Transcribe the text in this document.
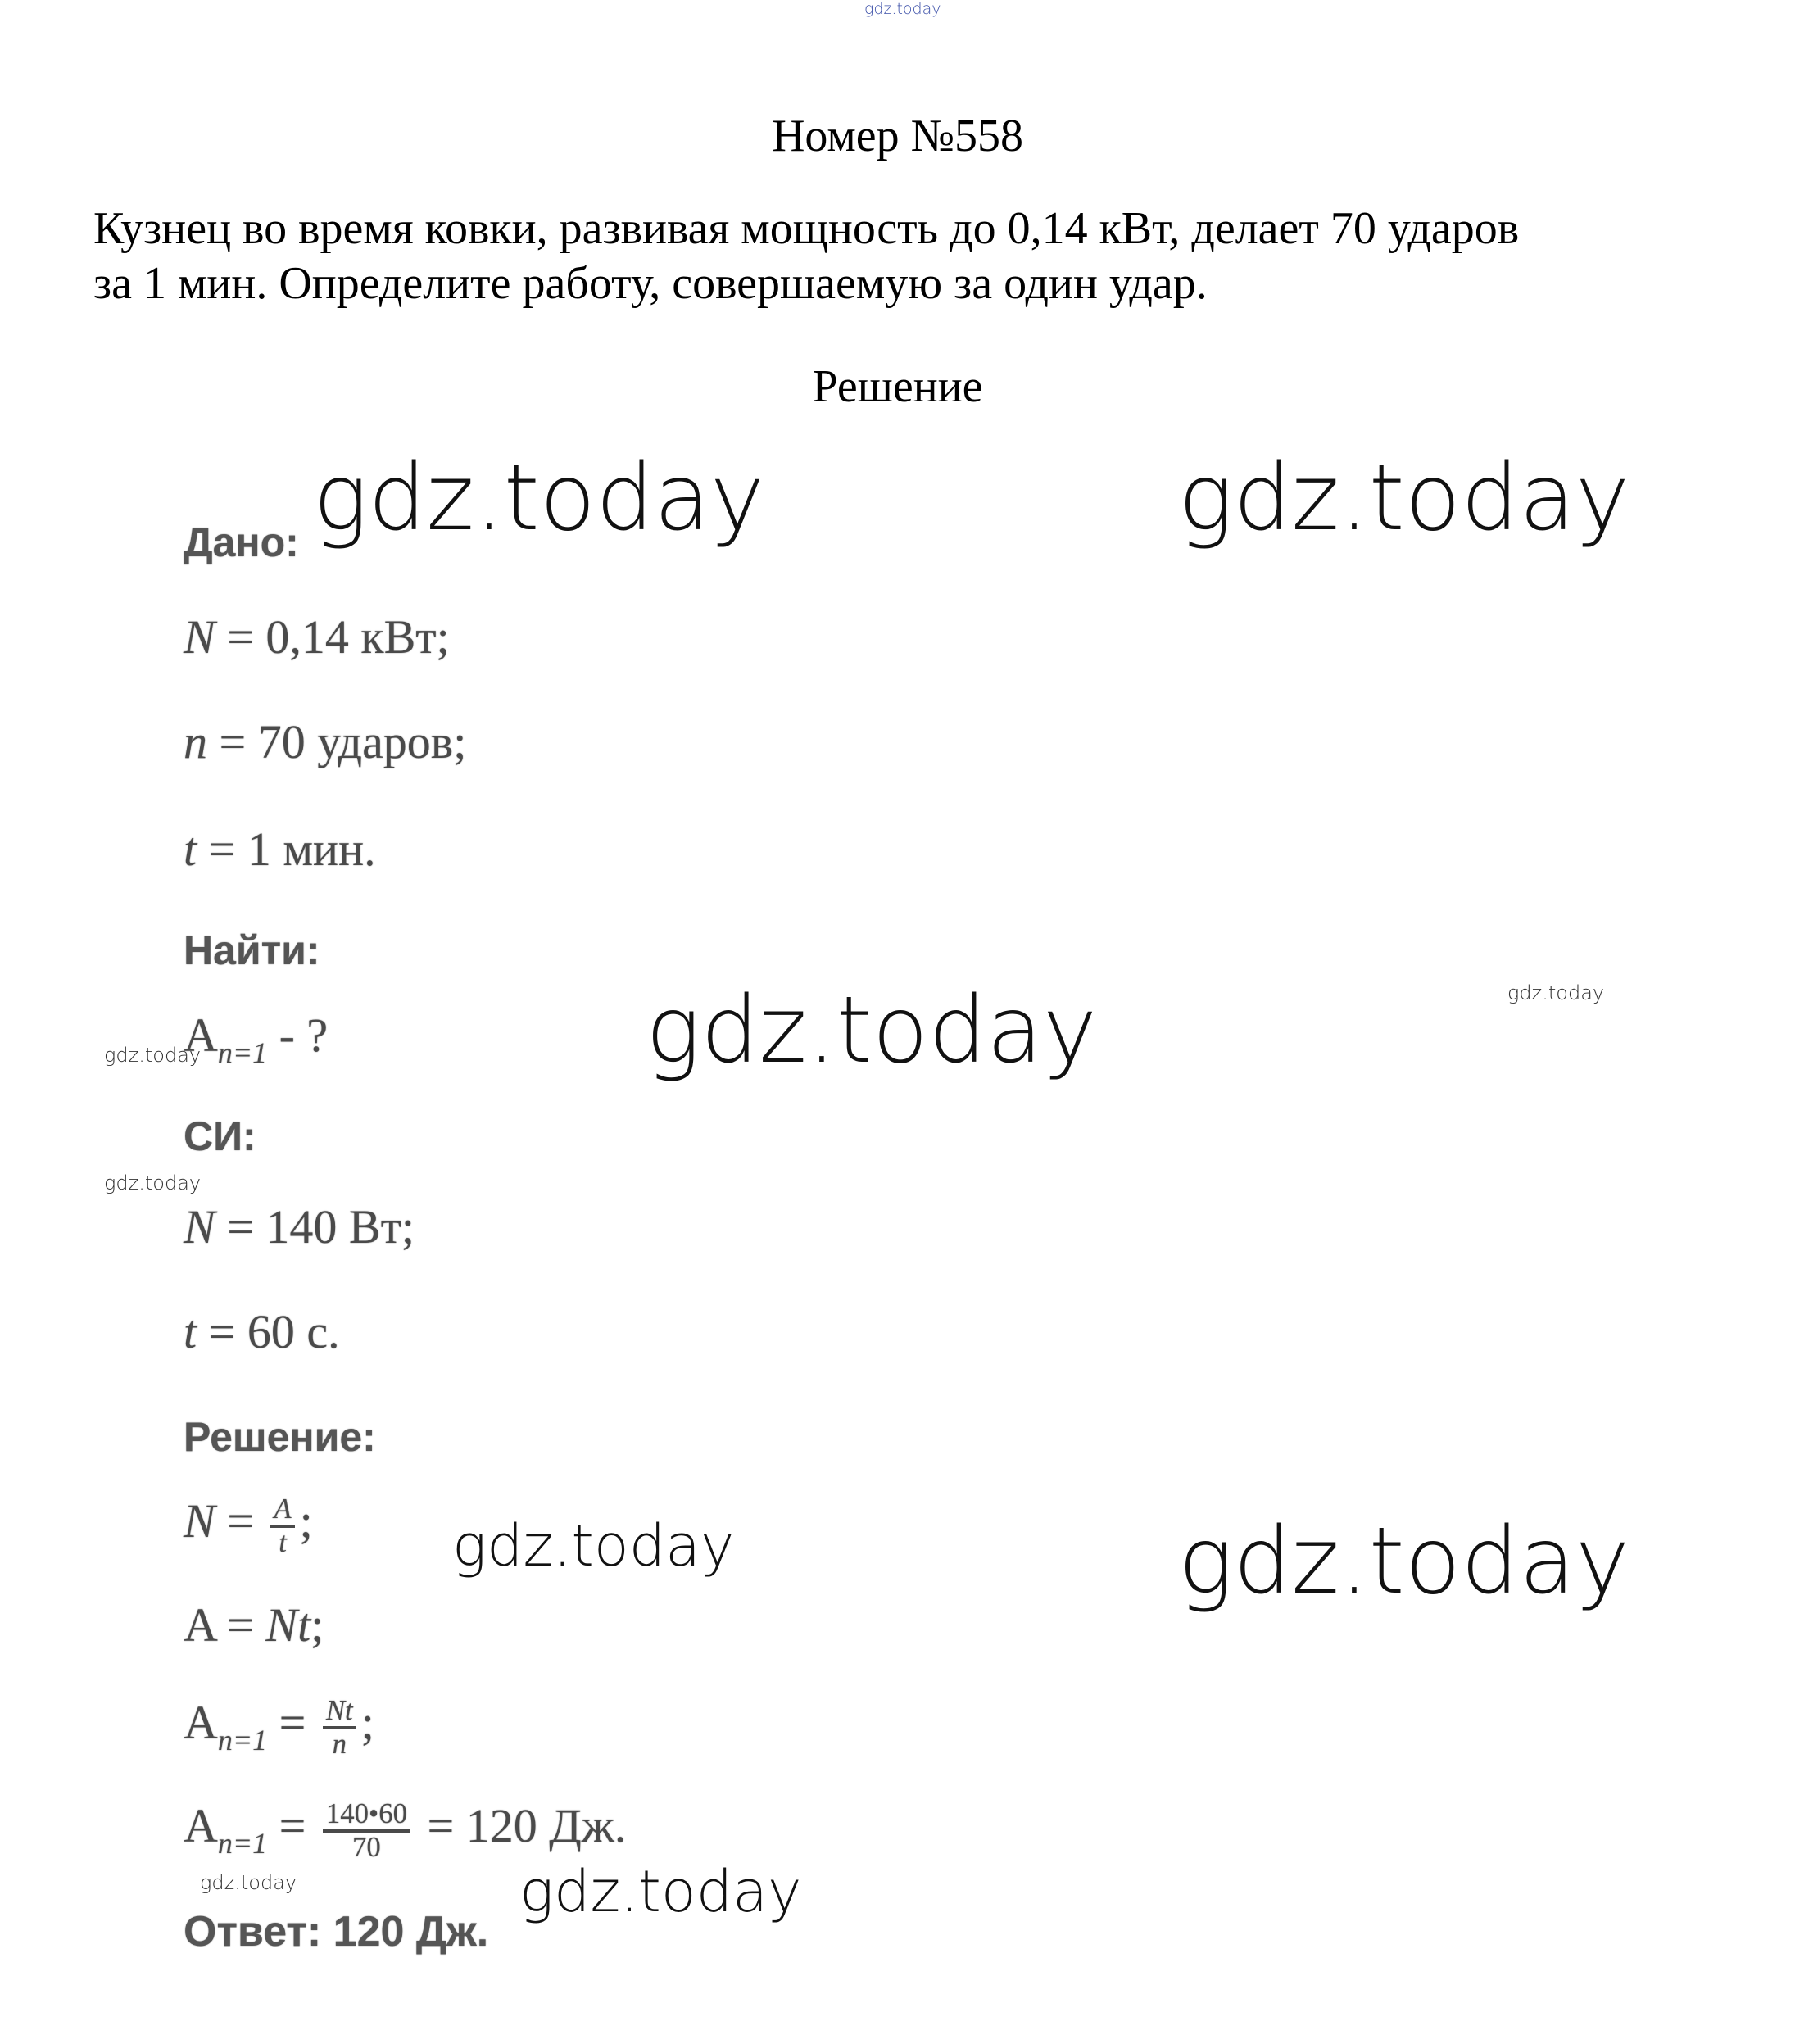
gdz.today
Номер №558
Кузнец во время ковки, развивая мощность до 0,14 кВт, делает 70 ударов
за 1 мин. Определите работу, совершаемую за один удар.
Решение
Дано:
N = 0,14 кВт;
n = 70 ударов;
t = 1 мин.
Найти:
$A_{n=1}$ - ?
СИ:
N = 140 Вт;
t = 60 с.
Решение:
$N = \frac{A}{t}$ ;
A = Nt;
$A_{n=1} = \frac{Nt}{n}$ ;
$A_{n=1} = \frac{140•60}{70} = 120$ Дж.
Ответ: 120 Дж.
gdz.today	gdz.today
gdz.today	gdz.today
gdz.today
gdz.today
gdz.today	gdz.today
gdz.today	gdz.today
